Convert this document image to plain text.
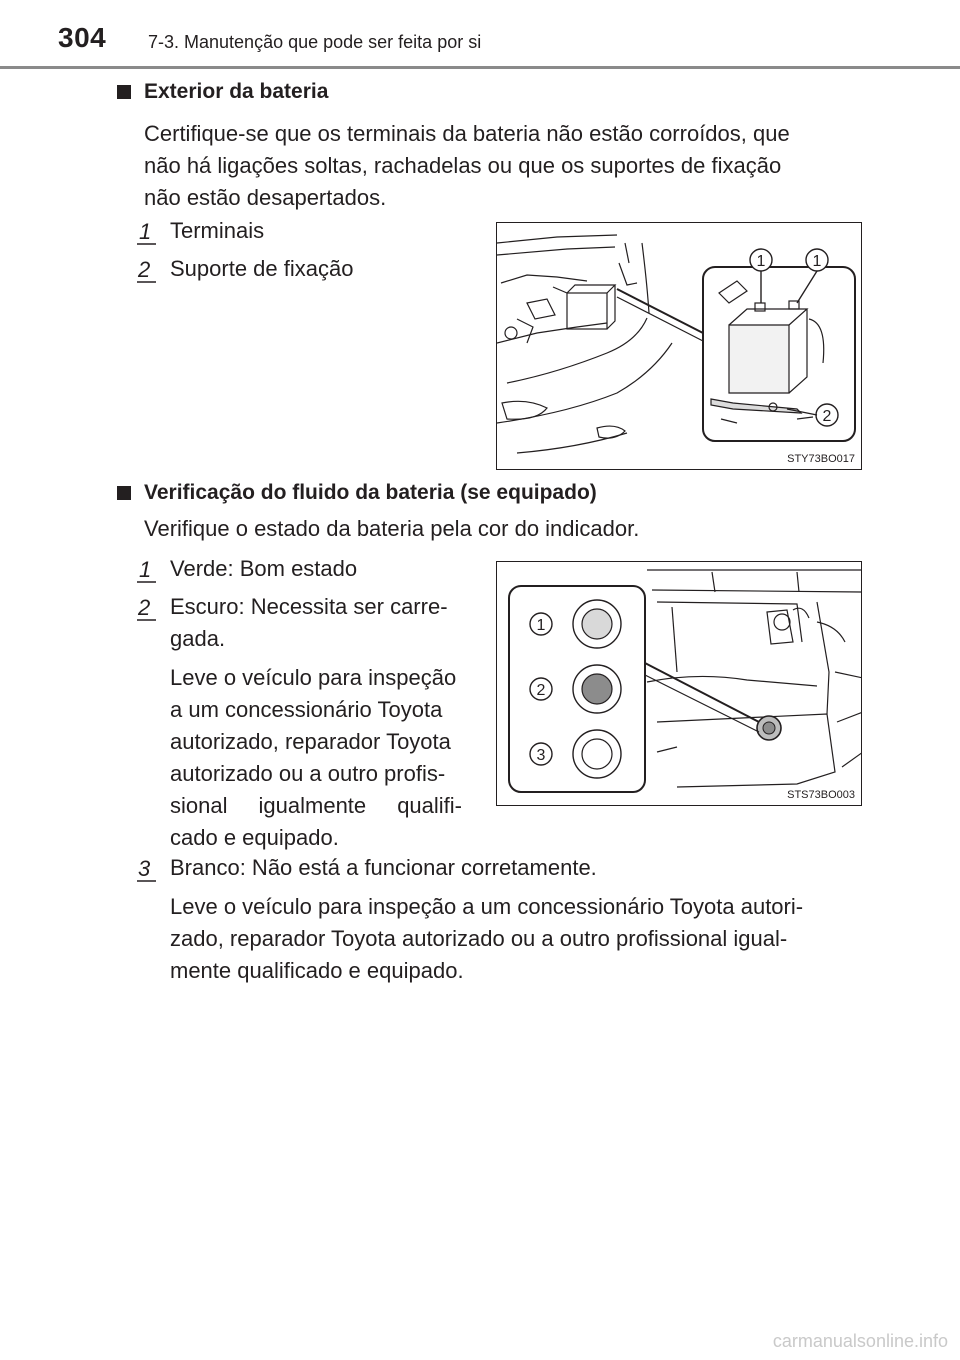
304 7-3. Manutenção que pode ser feita por si
Exterior da bateria
Certifique-se que os terminais da bateria não estão corroídos, que
não há ligações soltas, rachadelas ou que os suportes de fixação
não estão desapertados.
1 Terminais
2 Suporte de fixação	1	1
2
STY73BO017
Verificação do fluido da bateria (se equipado)
Verifique o estado da bateria pela cor do indicador.
1 Verde: Bom estado
2 Escuro: Necessita ser carre-
gada.
Leve o veículo para inspeção
a um concessionário Toyota
autorizado, reparador Toyota
autorizado ou a outro profis-
sional igualmente qualifi-
cado e equipado.
1
2
3
STS73BO003
3 Branco: Não está a funcionar corretamente.
Leve o veículo para inspeção a um concessionário Toyota autori-
zado, reparador Toyota autorizado ou a outro profissional igual-
mente qualificado e equipado.
carmanualsonline.info
